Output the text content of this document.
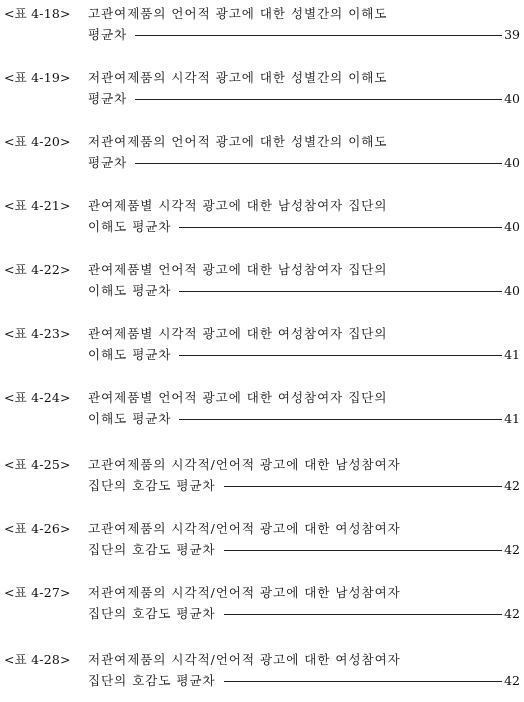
<표 4-18> 고관여제품의 언어적 광고에 대한 성별간의 이해도
평균차	39
<표 4-19> 저관여제품의 시각적 광고에 대한 성별간의 이해도
평균차	40
<표 4-20> 저관여제품의 언어적 광고에 대한 성별간의 이해도
평균차	40
<표 4-21> 관여제품별 시각적 광고에 대한 남성참여자 집단의
이해도 평균차	40
<표 4-22> 관여제품별 언어적 광고에 대한 남성참여자 집단의
이해도 평균차	40
<표 4-23> 관여제품별 시각적 광고에 대한 여성참여자 집단의
이해도 평균차	41
<표 4-24> 관여제품별 언어적 광고에 대한 여성참여자 집단의
이해도 평균차	41
<표 4-25> 고관여제품의 시각적/언어적 광고에 대한 남성참여자
집단의 호감도 평균차	42
<표 4-26> 고관여제품의 시각적/언어적 광고에 대한 여성참여자
집단의 호감도 평균차	42
<표 4-27> 저관여제품의 시각적/언어적 광고에 대한 남성참여자
집단의 호감도 평균차	42
<표 4-28> 저관여제품의 시각적/언어적 광고에 대한 여성참여자
집단의 호감도 평균차	42
